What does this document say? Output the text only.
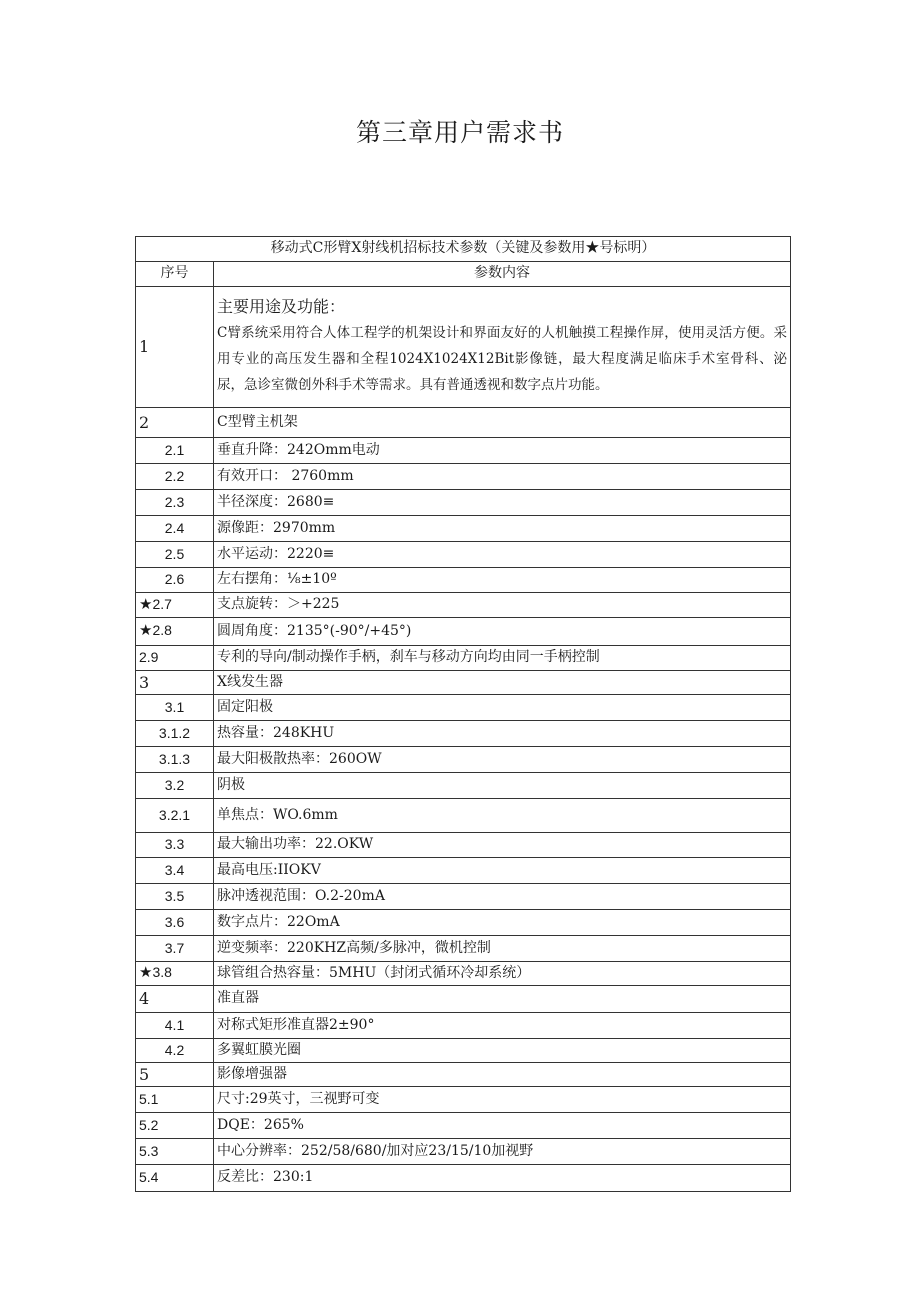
第三章用户需求书
移动式C形臂X射线机招标技术参数（关键及参数用★号标明）	
序号	参数内容
1	主要用途及功能：
C臂系统采用符合人体工程学的机架设计和界面友好的人机触摸工程操作屏，使用灵活方便。采用专业的高压发生器和全程1024X1024X12Bit影像链，最大程度满足临床手术室骨科、泌尿，急诊室微创外科手术等需求。具有普通透视和数字点片功能。

2	C型臂主机架
2.1	垂直升降：242Omm电动
2.2	有效开口： 2760mm
2.3	半径深度：2680≡
2.4	源像距：2970mm
2.5	水平运动：2220≡
2.6	左右摆角：⅛±10º
★2.7	支点旋转：＞+225
★2.8	圆周角度：2135°(-90°/+45°)
2.9	专利的导向/制动操作手柄，刹车与移动方向均由同一手柄控制
3	X线发生器
3.1	固定阳极
3.1.2	热容量：248KHU
3.1.3	最大阳极散热率：260OW
3.2	阴极
3.2.1	单焦点：WO.6mm
3.3	最大输出功率：22.OKW
3.4	最高电压:IIOKV
3.5	脉冲透视范围：O.2-20mA
3.6	数字点片：22OmA
3.7	逆变频率：220KHZ高频/多脉冲，微机控制
★3.8	球管组合热容量：5MHU（封闭式循环冷却系统）
4	准直器
4.1	对称式矩形准直器2±90°
4.2	多翼虹膜光圈
5	影像增强器
5.1	尺寸:29英寸，三视野可变
5.2	DQE：265%
5.3	中心分辨率：252/58/680/加对应23/15/10加视野
5.4	反差比：230:1
